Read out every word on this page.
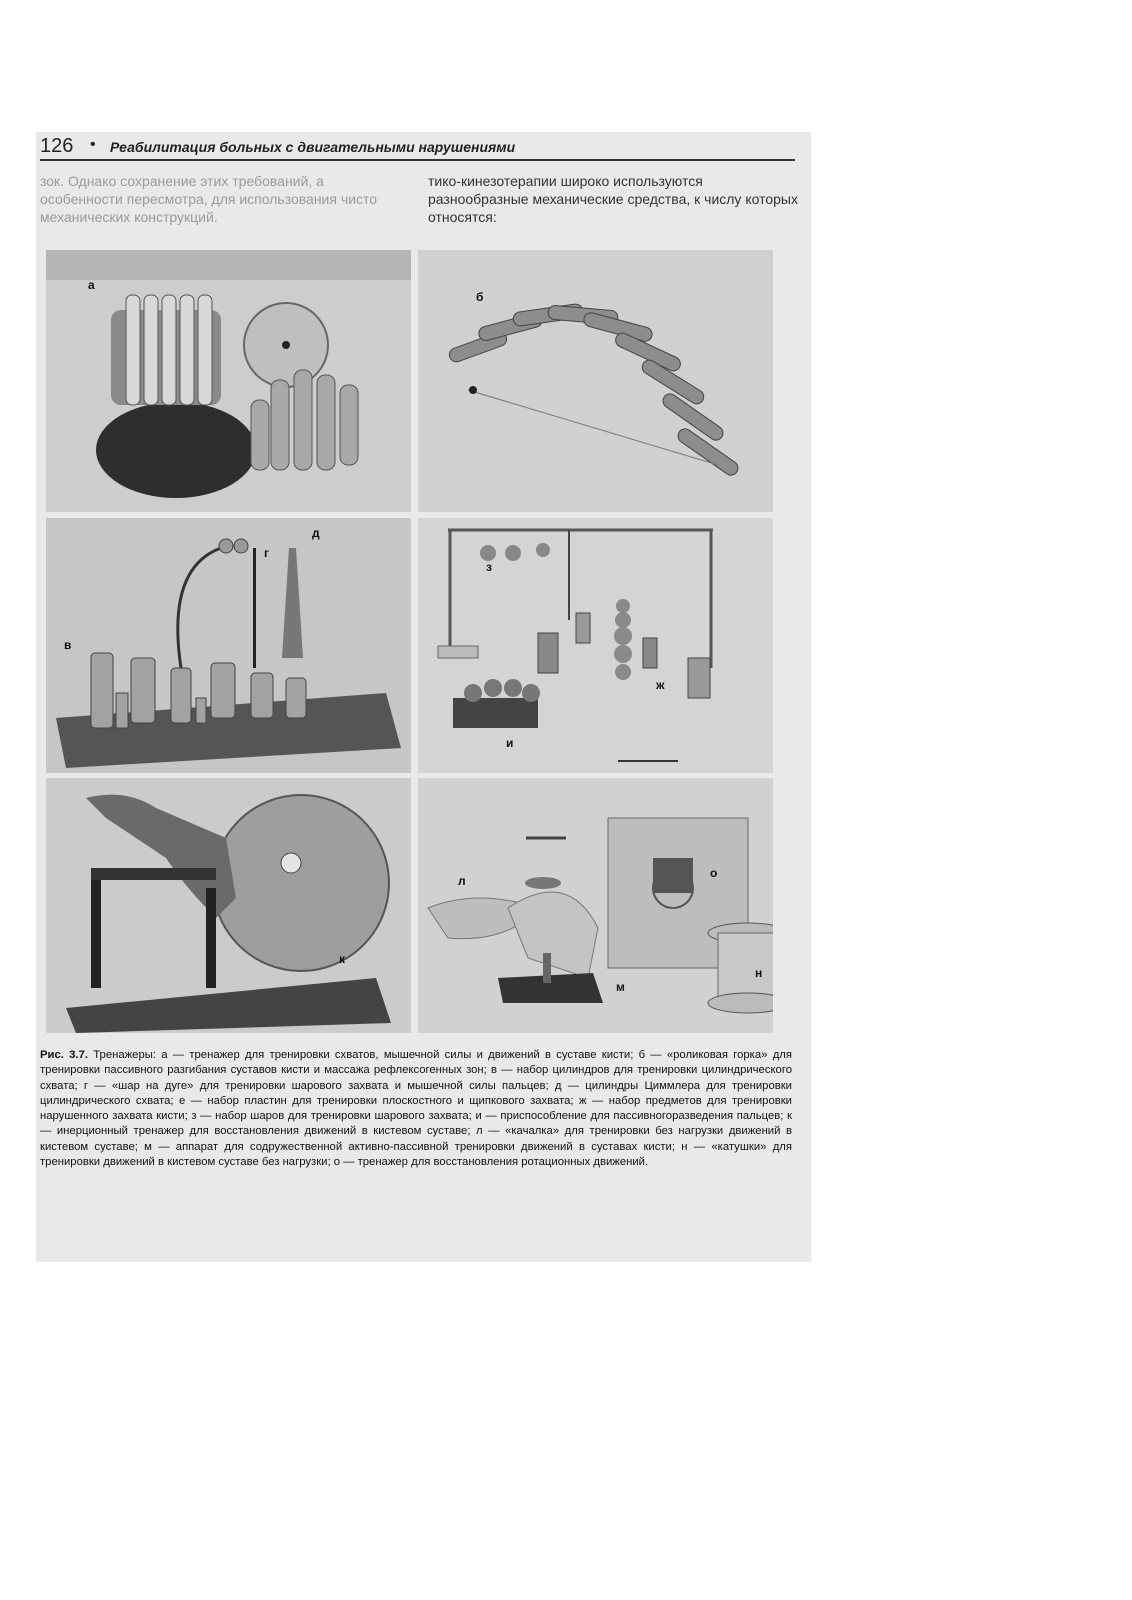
126 • Реабилитация больных с двигательными нарушениями
зок. Однако сохранение этих требований, а особенности пересмотра, для использования чисто механических конструкций.
тико-кинезотерапии широко используются разнообразные механические средства, к числу которых относятся:
а
б
в
г
д
з
ж
и
к
л
м
о
н
Рис. 3.7. Тренажеры: а — тренажер для тренировки схватов, мышечной силы и движений в суставе кисти; б — «роликовая горка» для тренировки пассивного разгибания суставов кисти и массажа рефлексогенных зон; в — набор цилиндров для тренировки цилиндрического схвата; г — «шар на дуге» для тренировки шарового захвата и мышечной силы пальцев; д — цилиндры Циммлера для тренировки цилиндрического схвата; е — набор пластин для тренировки плоскостного и щипкового захвата; ж — набор предметов для тренировки нарушенного захвата кисти; з — набор шаров для тренировки шарового захвата; и — приспособление для пассивногоразведения пальцев; к — инерционный тренажер для восстановления движений в кистевом суставе; л — «качалка» для тренировки без нагрузки движений в кистевом суставе; м — аппарат для содружественной активно-пассивной тренировки движений в суставах кисти; н — «катушки» для тренировки движений в кистевом суставе без нагрузки; о — тренажер для восстановления ротационных движений.
